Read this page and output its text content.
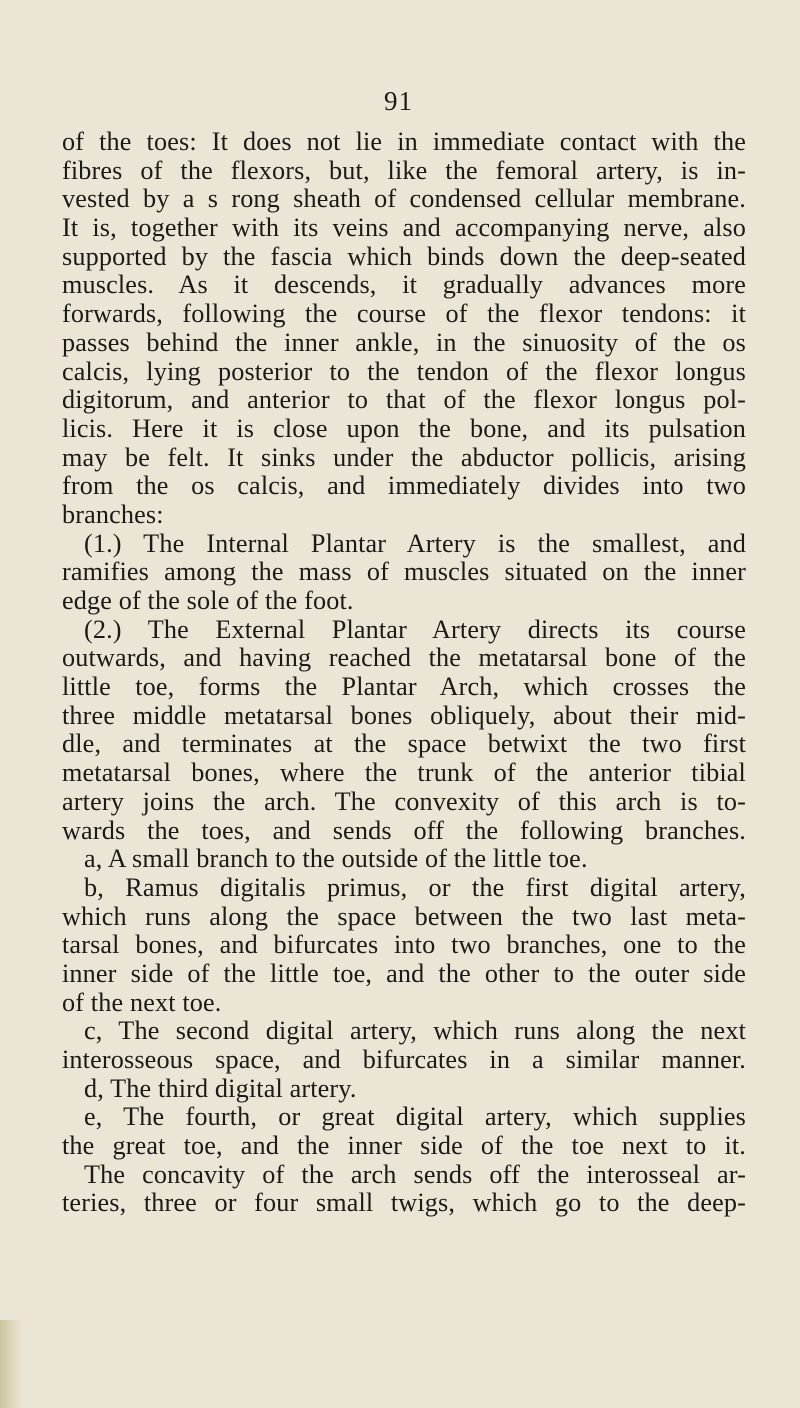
91
of the toes: It does not lie in immediate contact with the
fibres of the flexors, but, like the femoral artery, is in-
vested by a s rong sheath of condensed cellular membrane.
It is, together with its veins and accompanying nerve, also
supported by the fascia which binds down the deep-seated
muscles. As it descends, it gradually advances more
forwards, following the course of the flexor tendons: it
passes behind the inner ankle, in the sinuosity of the os
calcis, lying posterior to the tendon of the flexor longus
digitorum, and anterior to that of the flexor longus pol-
licis. Here it is close upon the bone, and its pulsation
may be felt. It sinks under the abductor pollicis, arising
from the os calcis, and immediately divides into two
branches:
(1.) The Internal Plantar Artery is the smallest, and
ramifies among the mass of muscles situated on the inner
edge of the sole of the foot.
(2.) The External Plantar Artery directs its course
outwards, and having reached the metatarsal bone of the
little toe, forms the Plantar Arch, which crosses the
three middle metatarsal bones obliquely, about their mid-
dle, and terminates at the space betwixt the two first
metatarsal bones, where the trunk of the anterior tibial
artery joins the arch. The convexity of this arch is to-
wards the toes, and sends off the following branches.
a, A small branch to the outside of the little toe.
b, Ramus digitalis primus, or the first digital artery,
which runs along the space between the two last meta-
tarsal bones, and bifurcates into two branches, one to the
inner side of the little toe, and the other to the outer side
of the next toe.
c, The second digital artery, which runs along the next
interosseous space, and bifurcates in a similar manner.
d, The third digital artery.
e, The fourth, or great digital artery, which supplies
the great toe, and the inner side of the toe next to it.
The concavity of the arch sends off the interosseal ar-
teries, three or four small twigs, which go to the deep-
